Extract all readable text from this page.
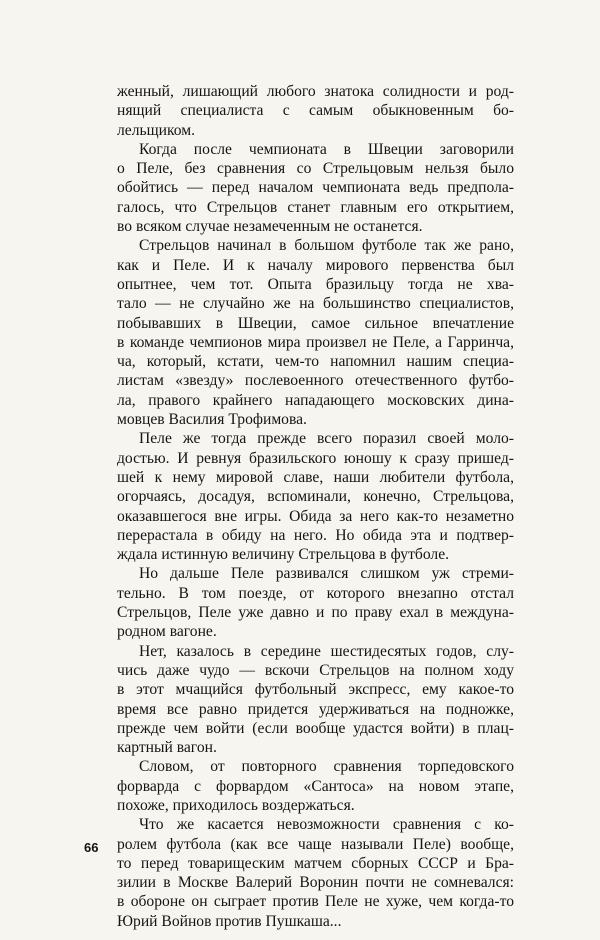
женный, лишающий любого знатока солидности и род-
нящий специалиста с самым обыкновенным бо-
лельщиком.

Когда после чемпионата в Швеции заговорили
о Пеле, без сравнения со Стрельцовым нельзя было
обойтись — перед началом чемпионата ведь предпола-
галось, что Стрельцов станет главным его открытием,
во всяком случае незамеченным не останется.

Стрельцов начинал в большом футболе так же рано,
как и Пеле. И к началу мирового первенства был
опытнее, чем тот. Опыта бразильцу тогда не хва-
тало — не случайно же на большинство специалистов,
побывавших в Швеции, самое сильное впечатление
в команде чемпионов мира произвел не Пеле, а Гарринча,
ча, который, кстати, чем-то напомнил нашим специа-
листам «звезду» послевоенного отечественного футбо-
ла, правого крайнего нападающего московских дина-
мовцев Василия Трофимова.

Пеле же тогда прежде всего поразил своей моло-
достью. И ревнуя бразильского юношу к сразу пришед-
шей к нему мировой славе, наши любители футбола,
огорчаясь, досадуя, вспоминали, конечно, Стрельцова,
оказавшегося вне игры. Обида за него как-то незаметно
перерастала в обиду на него. Но обида эта и подтвер-
ждала истинную величину Стрельцова в футболе.

Но дальше Пеле развивался слишком уж стреми-
тельно. В том поезде, от которого внезапно отстал
Стрельцов, Пеле уже давно и по праву ехал в междуна-
родном вагоне.

Нет, казалось в середине шестидесятых годов, слу-
чись даже чудо — вскочи Стрельцов на полном ходу
в этот мчащийся футбольный экспресс, ему какое-то
время все равно придется удерживаться на подножке,
прежде чем войти (если вообще удастся войти) в плац-
картный вагон.

Словом, от повторного сравнения торпедовского
форварда с форвардом «Сантоса» на новом этапе,
похоже, приходилось воздержаться.

Что же касается невозможности сравнения с ко-
ролем футбола (как все чаще называли Пеле) вообще,
то перед товарищеским матчем сборных СССР и Бра-
зилии в Москве Валерий Воронин почти не сомневался:
в обороне он сыграет против Пеле не хуже, чем когда-то
Юрий Войнов против Пушкаша...

66
